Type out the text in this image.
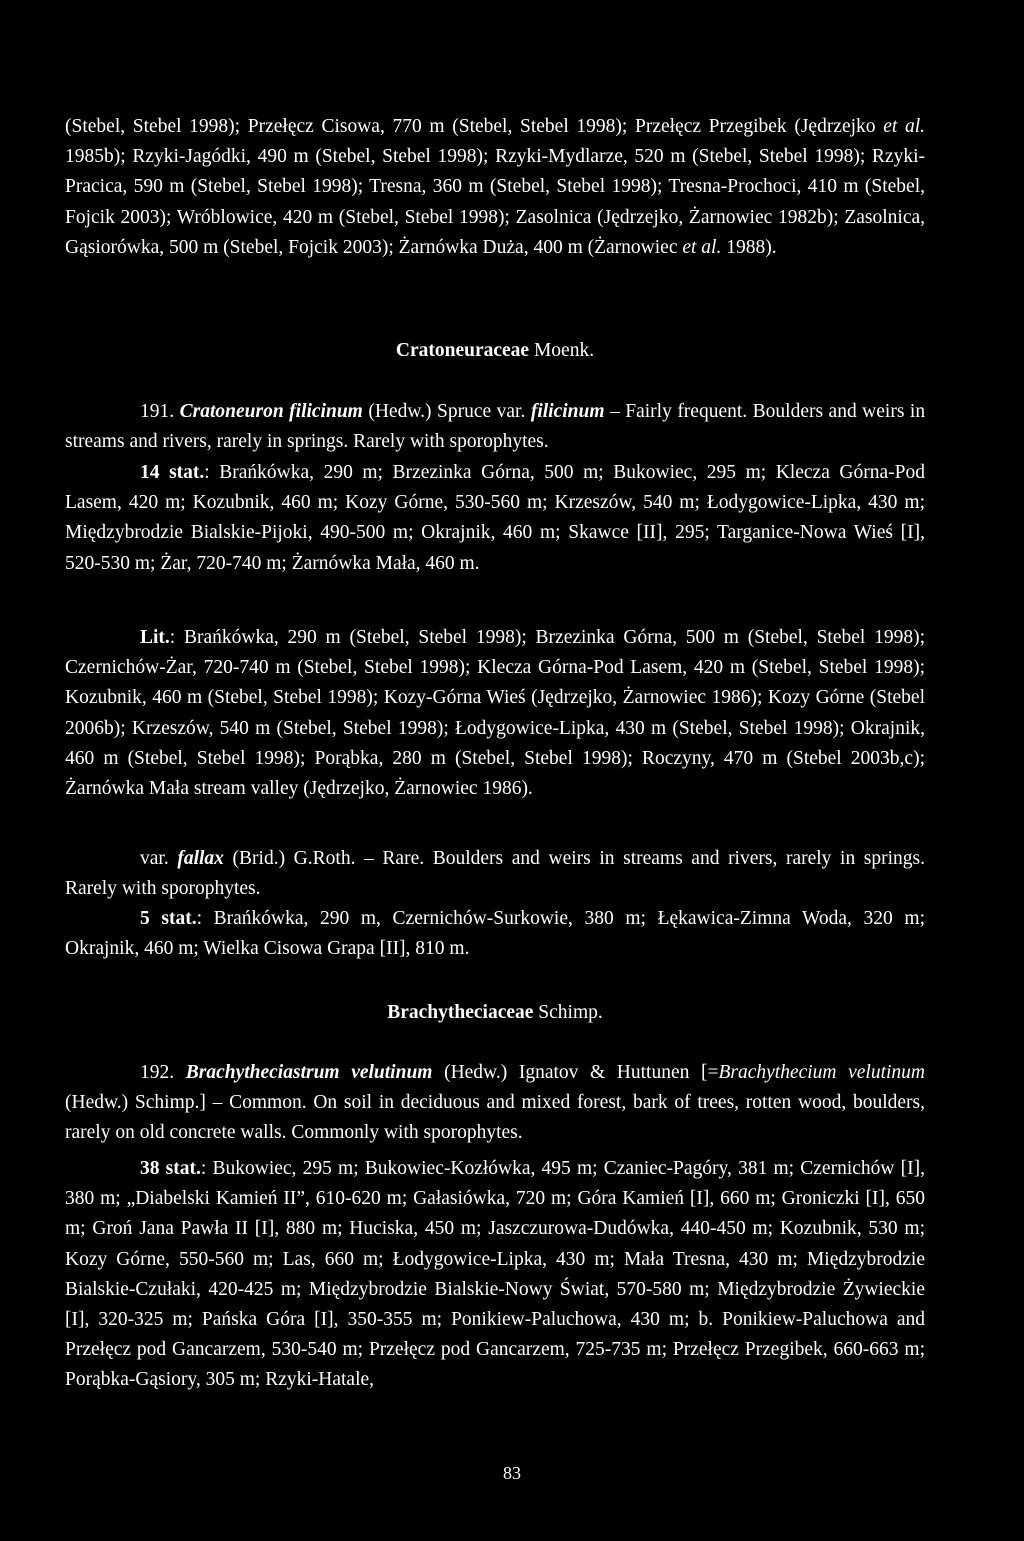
(Stebel, Stebel 1998); Przełęcz Cisowa, 770 m (Stebel, Stebel 1998); Przełęcz Przegibek (Jędrzejko et al. 1985b); Rzyki-Jagódki, 490 m (Stebel, Stebel 1998); Rzyki-Mydlarze, 520 m (Stebel, Stebel 1998); Rzyki-Pracica, 590 m (Stebel, Stebel 1998); Tresna, 360 m (Stebel, Stebel 1998); Tresna-Prochoci, 410 m (Stebel, Fojcik 2003); Wróblowice, 420 m (Stebel, Stebel 1998); Zasolnica (Jędrzejko, Żarnowiec 1982b); Zasolnica, Gąsiorówka, 500 m (Stebel, Fojcik 2003); Żarnówka Duża, 400 m (Żarnowiec et al. 1988).
Cratoneuraceae Moenk.
191. Cratoneuron filicinum (Hedw.) Spruce var. filicinum – Fairly frequent. Boulders and weirs in streams and rivers, rarely in springs. Rarely with sporophytes.
14 stat.: Brańkówka, 290 m; Brzezinka Górna, 500 m; Bukowiec, 295 m; Klecza Górna-Pod Lasem, 420 m; Kozubnik, 460 m; Kozy Górne, 530-560 m; Krzeszów, 540 m; Łodygowice-Lipka, 430 m; Międzybrodzie Bialskie-Pijoki, 490-500 m; Okrajnik, 460 m; Skawce [II], 295; Targanice-Nowa Wieś [I], 520-530 m; Żar, 720-740 m; Żarnówka Mała, 460 m.
Lit.: Brańkówka, 290 m (Stebel, Stebel 1998); Brzezinka Górna, 500 m (Stebel, Stebel 1998); Czernichów-Żar, 720-740 m (Stebel, Stebel 1998); Klecza Górna-Pod Lasem, 420 m (Stebel, Stebel 1998); Kozubnik, 460 m (Stebel, Stebel 1998); Kozy-Górna Wieś (Jędrzejko, Żarnowiec 1986); Kozy Górne (Stebel 2006b); Krzeszów, 540 m (Stebel, Stebel 1998); Łodygowice-Lipka, 430 m (Stebel, Stebel 1998); Okrajnik, 460 m (Stebel, Stebel 1998); Porąbka, 280 m (Stebel, Stebel 1998); Roczyny, 470 m (Stebel 2003b,c); Żarnówka Mała stream valley (Jędrzejko, Żarnowiec 1986).
var. fallax (Brid.) G.Roth. – Rare. Boulders and weirs in streams and rivers, rarely in springs. Rarely with sporophytes.
5 stat.: Brańkówka, 290 m, Czernichów-Surkowie, 380 m; Łękawica-Zimna Woda, 320 m; Okrajnik, 460 m; Wielka Cisowa Grapa [II], 810 m.
Brachytheciaceae Schimp.
192. Brachytheciastrum velutinum (Hedw.) Ignatov & Huttunen [=Brachythecium velutinum (Hedw.) Schimp.] – Common. On soil in deciduous and mixed forest, bark of trees, rotten wood, boulders, rarely on old concrete walls. Commonly with sporophytes.
38 stat.: Bukowiec, 295 m; Bukowiec-Kozłówka, 495 m; Czaniec-Pagóry, 381 m; Czernichów [I], 380 m; „Diabelski Kamień II”, 610-620 m; Gałasiówka, 720 m; Góra Kamień [I], 660 m; Groniczki [I], 650 m; Groń Jana Pawła II [I], 880 m; Huciska, 450 m; Jaszczurowa-Dudówka, 440-450 m; Kozubnik, 530 m; Kozy Górne, 550-560 m; Las, 660 m; Łodygowice-Lipka, 430 m; Mała Tresna, 430 m; Międzybrodzie Bialskie-Czułaki, 420-425 m; Międzybrodzie Bialskie-Nowy Świat, 570-580 m; Międzybrodzie Żywieckie [I], 320-325 m; Pańska Góra [I], 350-355 m; Ponikiew-Paluchowa, 430 m; b. Ponikiew-Paluchowa and Przełęcz pod Gancarzem, 530-540 m; Przełęcz pod Gancarzem, 725-735 m; Przełęcz Przegibek, 660-663 m; Porąbka-Gąsiory, 305 m; Rzyki-Hatale,
83
